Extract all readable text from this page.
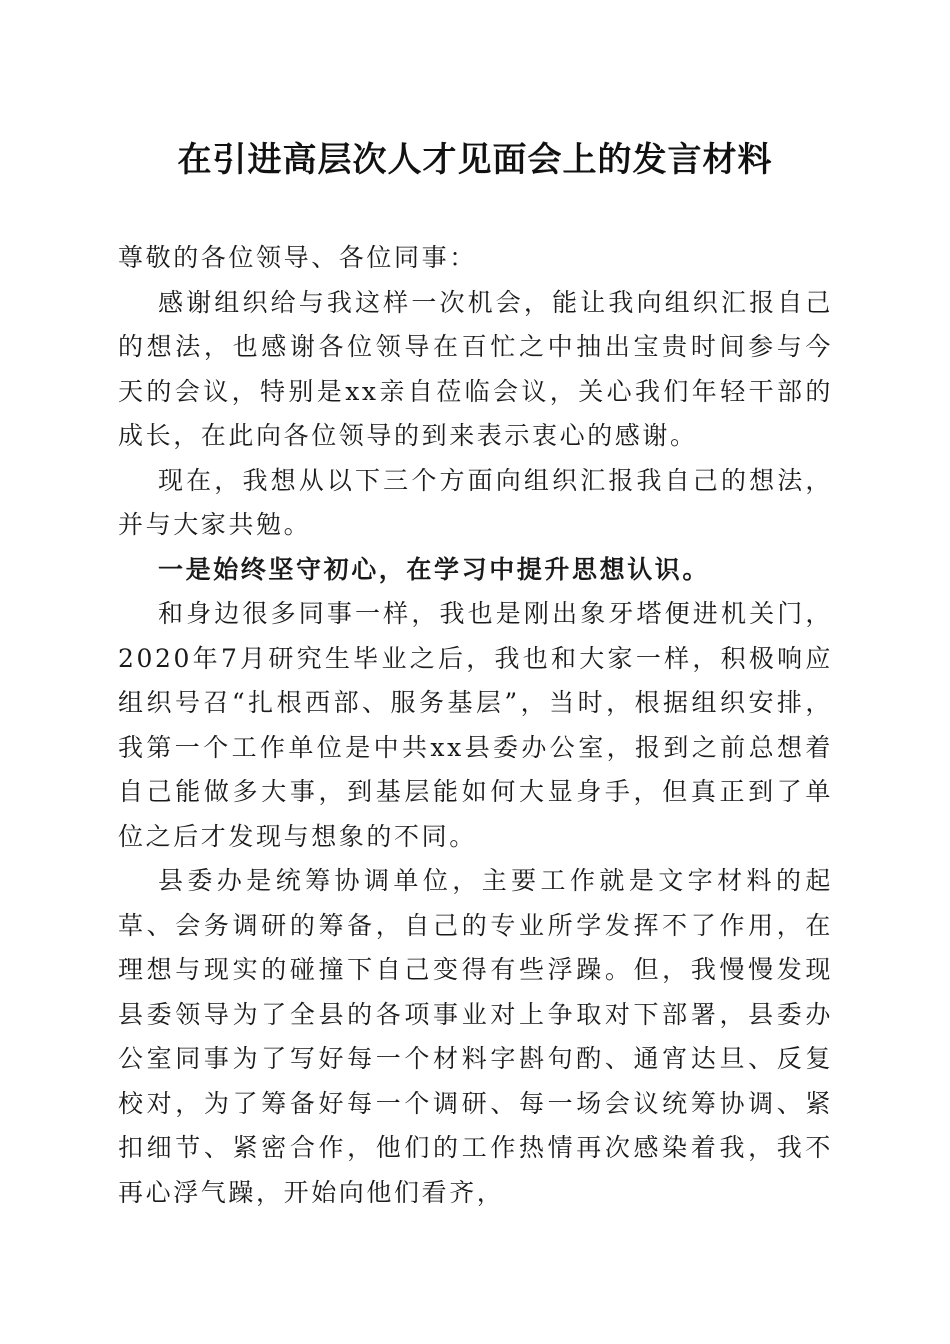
在引进高层次人才见面会上的发言材料

尊敬的各位领导、各位同事：

感谢组织给与我这样一次机会，能让我向组织汇报自己的想法，也感谢各位领导在百忙之中抽出宝贵时间参与今天的会议，特别是xx亲自莅临会议，关心我们年轻干部的成长，在此向各位领导的到来表示衷心的感谢。

现在，我想从以下三个方面向组织汇报我自己的想法，并与大家共勉。

一是始终坚守初心，在学习中提升思想认识。

和身边很多同事一样，我也是刚出象牙塔便进机关门，2020年7月研究生毕业之后，我也和大家一样，积极响应组织号召“扎根西部、服务基层”，当时，根据组织安排，我第一个工作单位是中共xx县委办公室，报到之前总想着自己能做多大事，到基层能如何大显身手，但真正到了单位之后才发现与想象的不同。

县委办是统筹协调单位，主要工作就是文字材料的起草、会务调研的筹备，自己的专业所学发挥不了作用，在理想与现实的碰撞下自己变得有些浮躁。但，我慢慢发现县委领导为了全县的各项事业对上争取对下部署，县委办公室同事为了写好每一个材料字斟句酌、通宵达旦、反复校对，为了筹备好每一个调研、每一场会议统筹协调、紧扣细节、紧密合作，他们的工作热情再次感染着我，我不再心浮气躁，开始向他们看齐，
